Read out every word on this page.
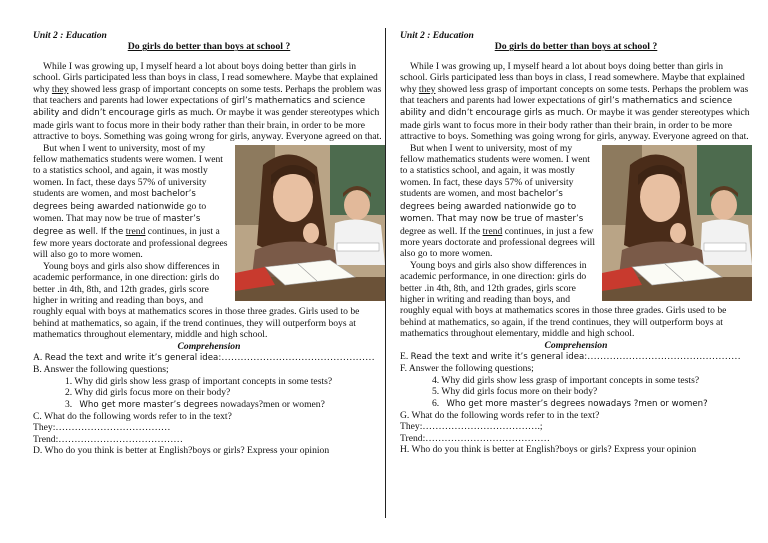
Unit 2 : Education

Do girls do better than boys at school ?

While I was growing up, I myself heard a lot about boys doing better than girls in school. Girls participated less than boys in class, I read somewhere. Maybe that explained why they showed less grasp of important concepts on some tests. Perhaps the problem was that teachers and parents had lower expectations of girl’s mathematics and science ability and didn’t encourage girls as much. Or maybe it was gender stereotypes which made girls want to focus more in their body rather than their brain, in order to be more attractive to boys. Something was going wrong for girls, anyway. Everyone agreed on that.

But when I went to university, most of my fellow mathematics students were women. I went to a statistics school, and again, it was mostly women. In fact, these days 57% of university students are women, and most bachelor’s degrees being awarded nationwide go to women. That may now be true of master’s degree as well. If the trend continues, in just a few more years doctorate and professional degrees will also go to more women.

Young boys and girls also show differences in academic performance, in one direction: girls do better .in 4th, 8th, and 12th grades, girls score higher in writing and reading than boys, and roughly equal with boys at mathematics scores in those three grades. Girls used to be behind at mathematics, so again, if the trend continues, they will outperform boys at mathematics throughout elementary, middle and high school.

Comprehension

A. Read the text and write it’s general idea:…………………………………………

B. Answer the following questions;

1. Why did girls show less grasp of important concepts in some tests?

2. Why did girls focus more on their body?

3. Who get more master’s degrees nowadays?men or women?

C. What do the following words refer to in the text?

They:………………………………

Trend:…………………………………

D. Who do you think is better at English?boys or girls? Express your opinion

Unit 2 : Education

Do girls do better than boys at school ?

While I was growing up, I myself heard a lot about boys doing better than girls in school. Girls participated less than boys in class, I read somewhere. Maybe that explained why they showed less grasp of important concepts on some tests. Perhaps the problem was that teachers and parents had lower expectations of girl’s mathematics and science ability and didn’t encourage girls as much. Or maybe it was gender stereotypes which made girls want to focus more in their body rather than their brain, in order to be more attractive to boys. Something was going wrong for girls, anyway. Everyone agreed on that.

But when I went to university, most of my fellow mathematics students were women. I went to a statistics school, and again, it was mostly women. In fact, these days 57% of university students are women, and most bachelor’s degrees being awarded nationwide go to women. That may now be true of master’s degree as well. If the trend continues, in just a few more years doctorate and professional degrees will also go to more women.

Young boys and girls also show differences in academic performance, in one direction: girls do better .in 4th, 8th, and 12th grades, girls score higher in writing and reading than boys, and roughly equal with boys at mathematics scores in those three grades. Girls used to be behind at mathematics, so again, if the trend continues, they will outperform boys at mathematics throughout elementary, middle and high school.

Comprehension

E. Read the text and write it’s general idea:…………………………………………

F. Answer the following questions;

4. Why did girls show less grasp of important concepts in some tests?

5. Why did girls focus more on their body?

6. Who get more master’s degrees nowadays ?men or women?

G. What do the following words refer to in the text?

They:……………………………….;

Trend:…………………………………

H. Who do you think is better at English?boys or girls? Express your opinion
